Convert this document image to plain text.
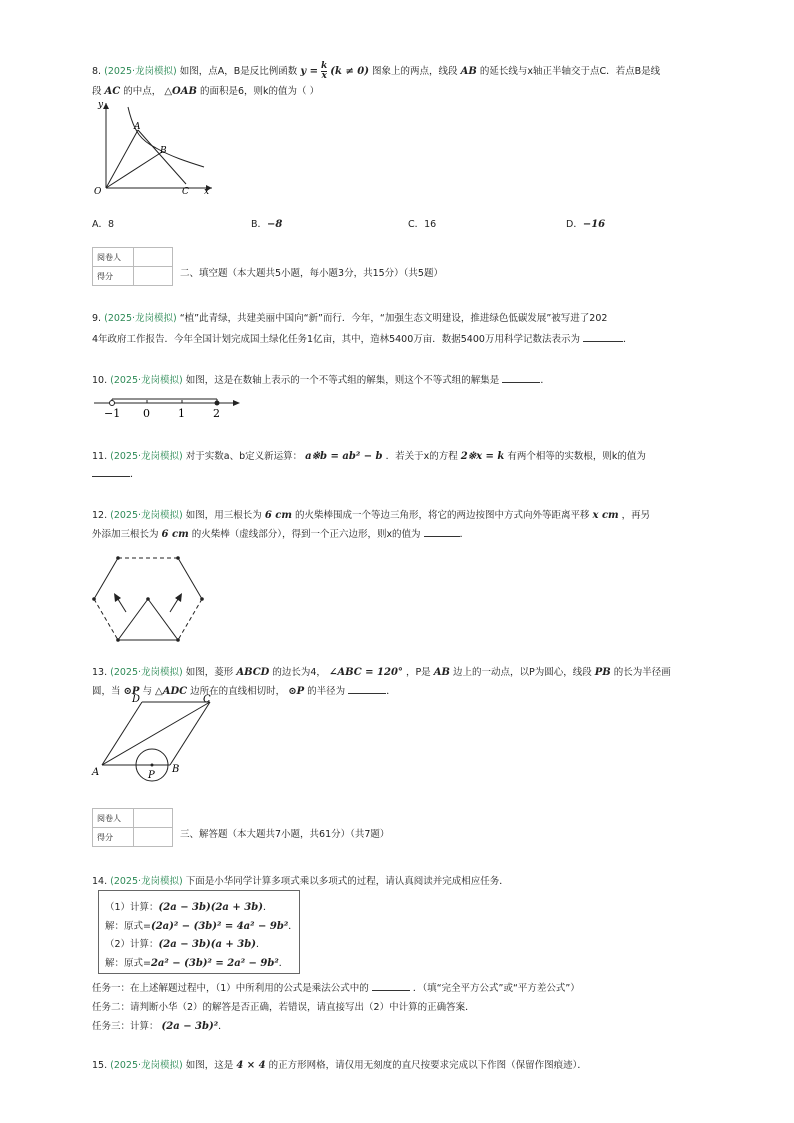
8. (2025·龙岗模拟) 如图，点A，B是反比例函数 $y = \frac{k}{x} (k \ne 0)$ 图象上的两点，线段 AB 的延长线与x轴正半轴交于点C．若点B是线
段 AC 的中点， △OAB 的面积是6，则k的值为（ ）
y
A
B
O	C x
A．8	B．−8	C．16	D．−16
阅卷人	
得分		二、填空题（本大题共5小题，每小题3分，共15分）（共5题）
9. (2025·龙岗模拟) “植”此青绿，共建美丽中国向“新”而行．今年，“加强生态文明建设，推进绿色低碳发展”被写进了202
4年政府工作报告．今年全国计划完成国土绿化任务1亿亩，其中，造林5400万亩．数据5400万用科学记数法表示为	．
10. (2025·龙岗模拟) 如图，这是在数轴上表示的一个不等式组的解集，则这个不等式组的解集是	．
−1 0	1	2
11. (2025·龙岗模拟) 对于实数a、b定义新运算： a※b = ab² − b ．若关于x的方程 2※x = k 有两个相等的实数根，则k的值为
．
12. (2025·龙岗模拟) 如图，用三根长为 6 cm 的火柴棒围成一个等边三角形，将它的两边按图中方式向外等距离平移 x cm ，再另
外添加三根长为 6 cm 的火柴棒（虚线部分），得到一个正六边形，则x的值为	．
13. (2025·龙岗模拟) 如图，菱形 ABCD 的边长为4， ∠ABC = 120° ，P是 AB 边上的一动点，以P为圆心，线段 PB 的长为半径画
圆，当 ⊙P 与 △ADC 边所在的直线相切时， ⊙P 的半径为	．
D	C
A	P
B
阅卷人	
得分		三、解答题（本大题共7小题，共61分）（共7题）
14. (2025·龙岗模拟) 下面是小华同学计算多项式乘以多项式的过程，请认真阅读并完成相应任务．
（1）计算：(2a − 3b)(2a + 3b)．
解：原式=(2a)² − (3b)² = 4a² − 9b²．
（2）计算：(2a − 3b)(a + 3b)．
解：原式=2a² − (3b)² = 2a² − 9b²．
任务一：在上述解题过程中，（1）中所利用的公式是乘法公式中的	．（填“完全平方公式”或“平方差公式”）
任务二：请判断小华（2）的解答是否正确，若错误，请直接写出（2）中计算的正确答案．
任务三：计算： (2a − 3b)²．
15. (2025·龙岗模拟) 如图，这是 4 × 4 的正方形网格，请仅用无刻度的直尺按要求完成以下作图（保留作图痕迹）．
